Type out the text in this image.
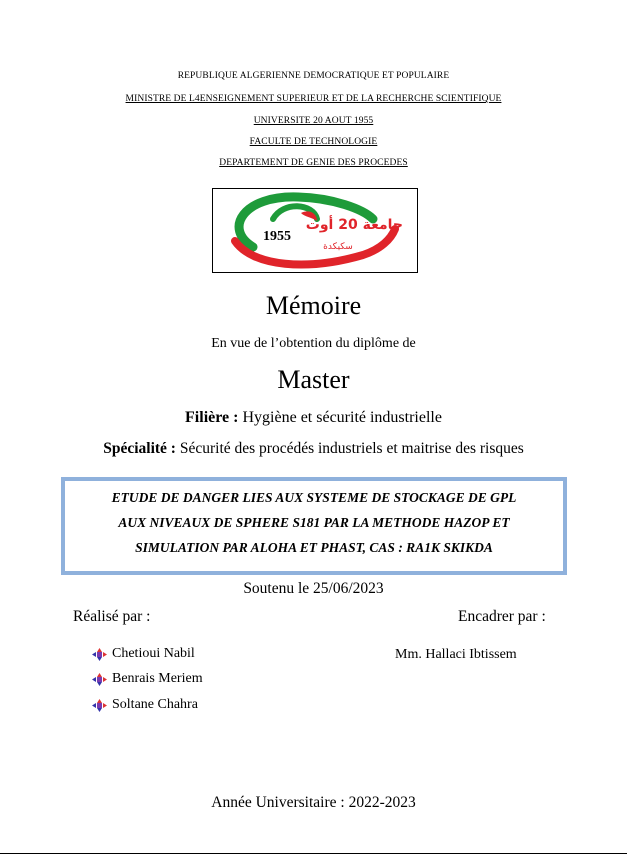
REPUBLIQUE ALGERIENNE DEMOCRATIQUE ET POPULAIRE
MINISTRE DE L4ENSEIGNEMENT SUPERIEUR ET DE LA RECHERCHE SCIENTIFIQUE
UNIVERSITE 20 AOUT 1955
FACULTE DE TECHNOLOGIE
DEPARTEMENT DE GENIE DES PROCEDES
1955
جامعة 20 أوت
سكيكدة
Mémoire
En vue de l’obtention du diplôme de
Master
Filière : Hygiène et sécurité industrielle
Spécialité : Sécurité des procédés industriels et maitrise des risques
ETUDE DE DANGER LIES AUX SYSTEME DE STOCKAGE DE GPL
AUX NIVEAUX DE SPHERE S181 PAR LA METHODE HAZOP ET
SIMULATION PAR ALOHA ET PHAST, CAS : RA1K SKIKDA
Soutenu le 25/06/2023
Réalisé par :	Encadrer par :
Chetioui Nabil
Benrais Meriem
Soltane Chahra
Mm. Hallaci Ibtissem
Année Universitaire : 2022-2023
